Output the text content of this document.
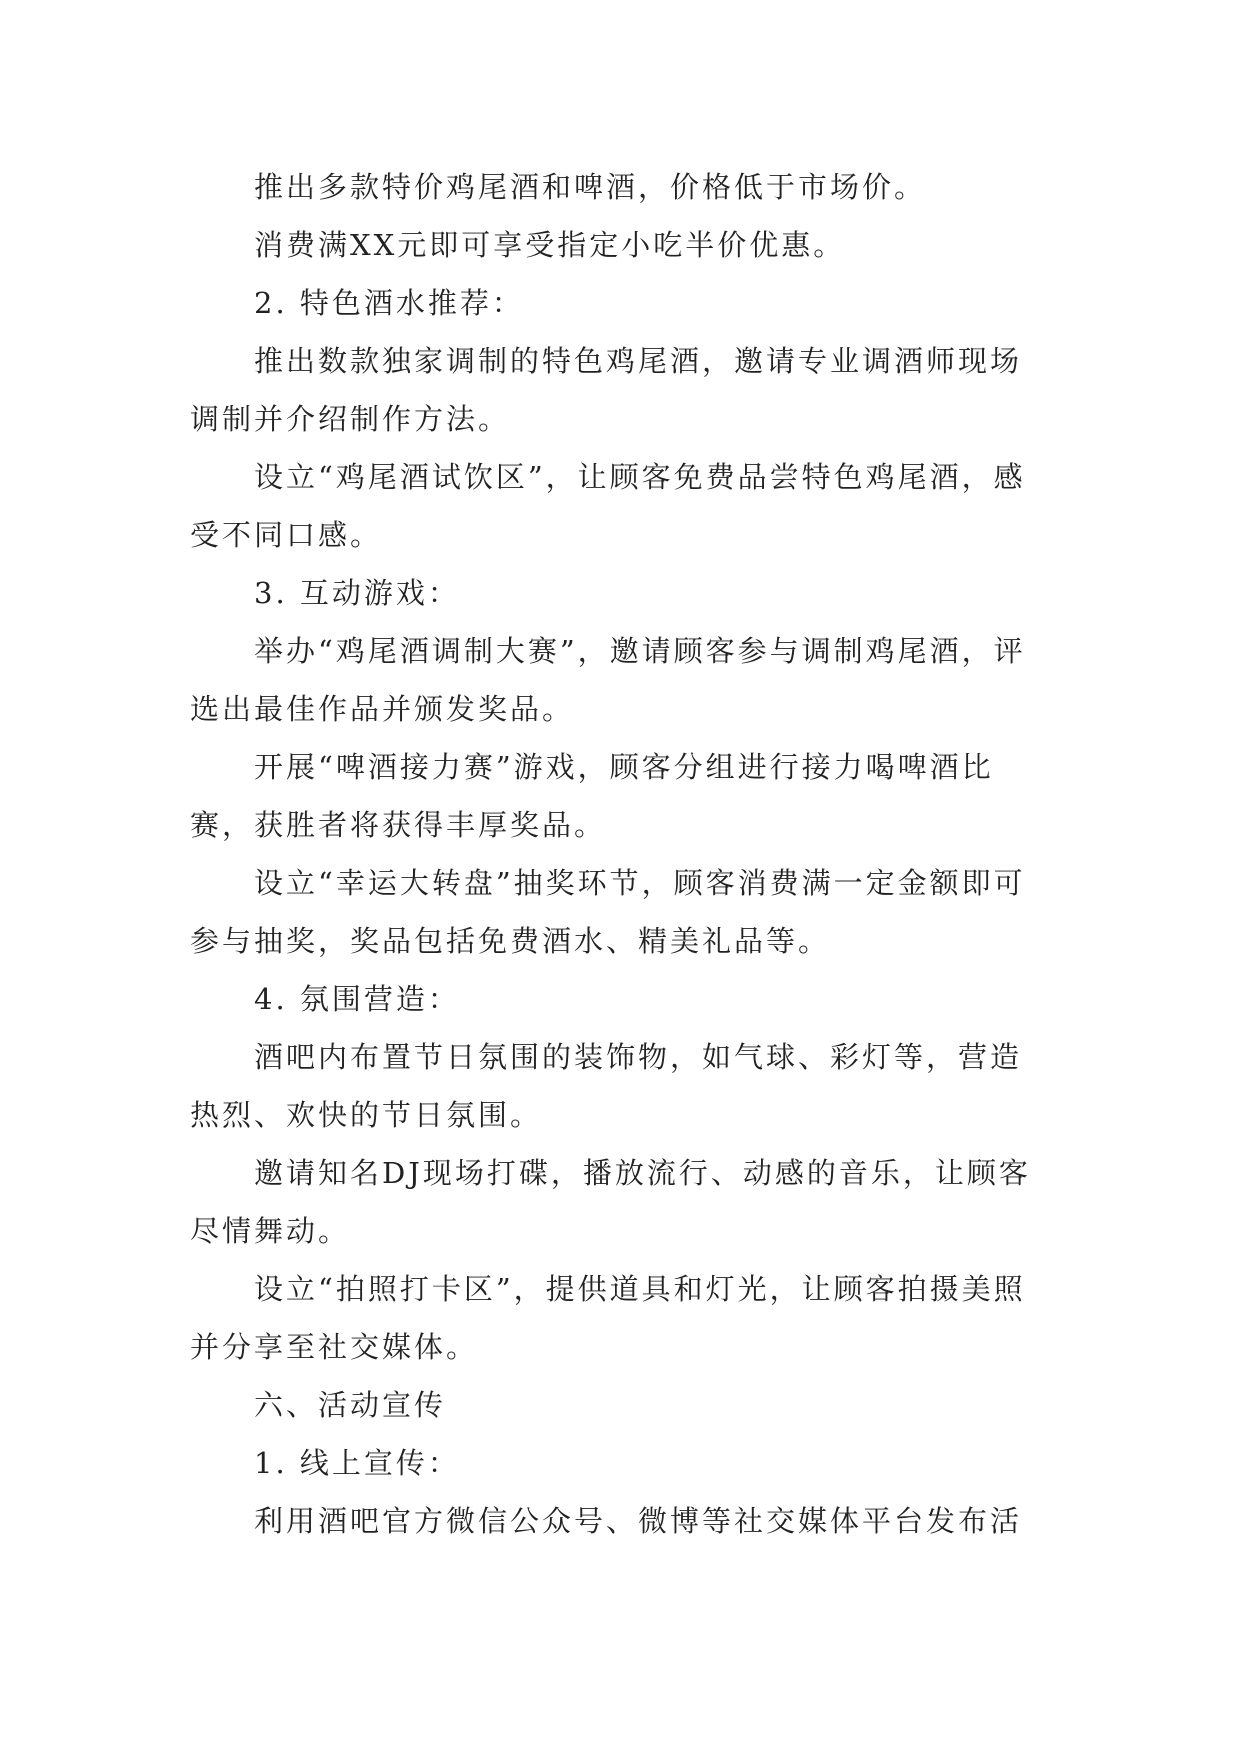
推出多款特价鸡尾酒和啤酒，价格低于市场价。

消费满XX元即可享受指定小吃半价优惠。

2. 特色酒水推荐：

推出数款独家调制的特色鸡尾酒，邀请专业调酒师现场调制并介绍制作方法。

设立“鸡尾酒试饮区”，让顾客免费品尝特色鸡尾酒，感受不同口感。

3. 互动游戏：

举办“鸡尾酒调制大赛”，邀请顾客参与调制鸡尾酒，评选出最佳作品并颁发奖品。

开展“啤酒接力赛”游戏，顾客分组进行接力喝啤酒比赛，获胜者将获得丰厚奖品。

设立“幸运大转盘”抽奖环节，顾客消费满一定金额即可参与抽奖，奖品包括免费酒水、精美礼品等。

4. 氛围营造：

酒吧内布置节日氛围的装饰物，如气球、彩灯等，营造热烈、欢快的节日氛围。

邀请知名DJ现场打碟，播放流行、动感的音乐，让顾客尽情舞动。

设立“拍照打卡区”，提供道具和灯光，让顾客拍摄美照并分享至社交媒体。

六、活动宣传

1. 线上宣传：

利用酒吧官方微信公众号、微博等社交媒体平台发布活
